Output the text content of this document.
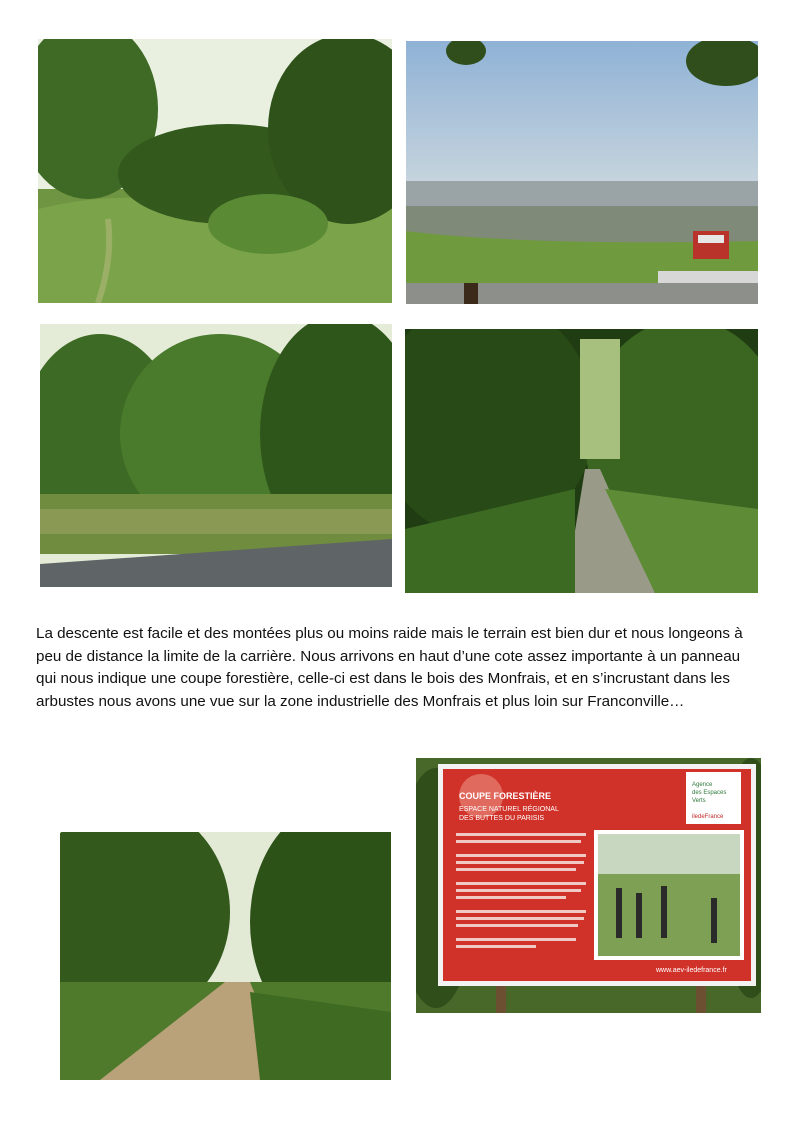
La descente est facile et des montées plus ou moins raide mais le terrain est bien dur et nous longeons à peu de distance la limite de la carrière. Nous arrivons en haut d’une cote assez importante à un panneau qui nous indique une coupe forestière, celle-ci est dans le bois des Monfrais, et en s’incrustant dans les arbustes nous avons une vue sur la zone industrielle des Monfrais et plus loin sur Franconville…
COUPE FORESTIÈRE
ESPACE NATUREL RÉGIONAL
DES BUTTES DU PARISIS
Agence
des Espaces
Verts
iledeFrance
www.aev-iledefrance.fr
